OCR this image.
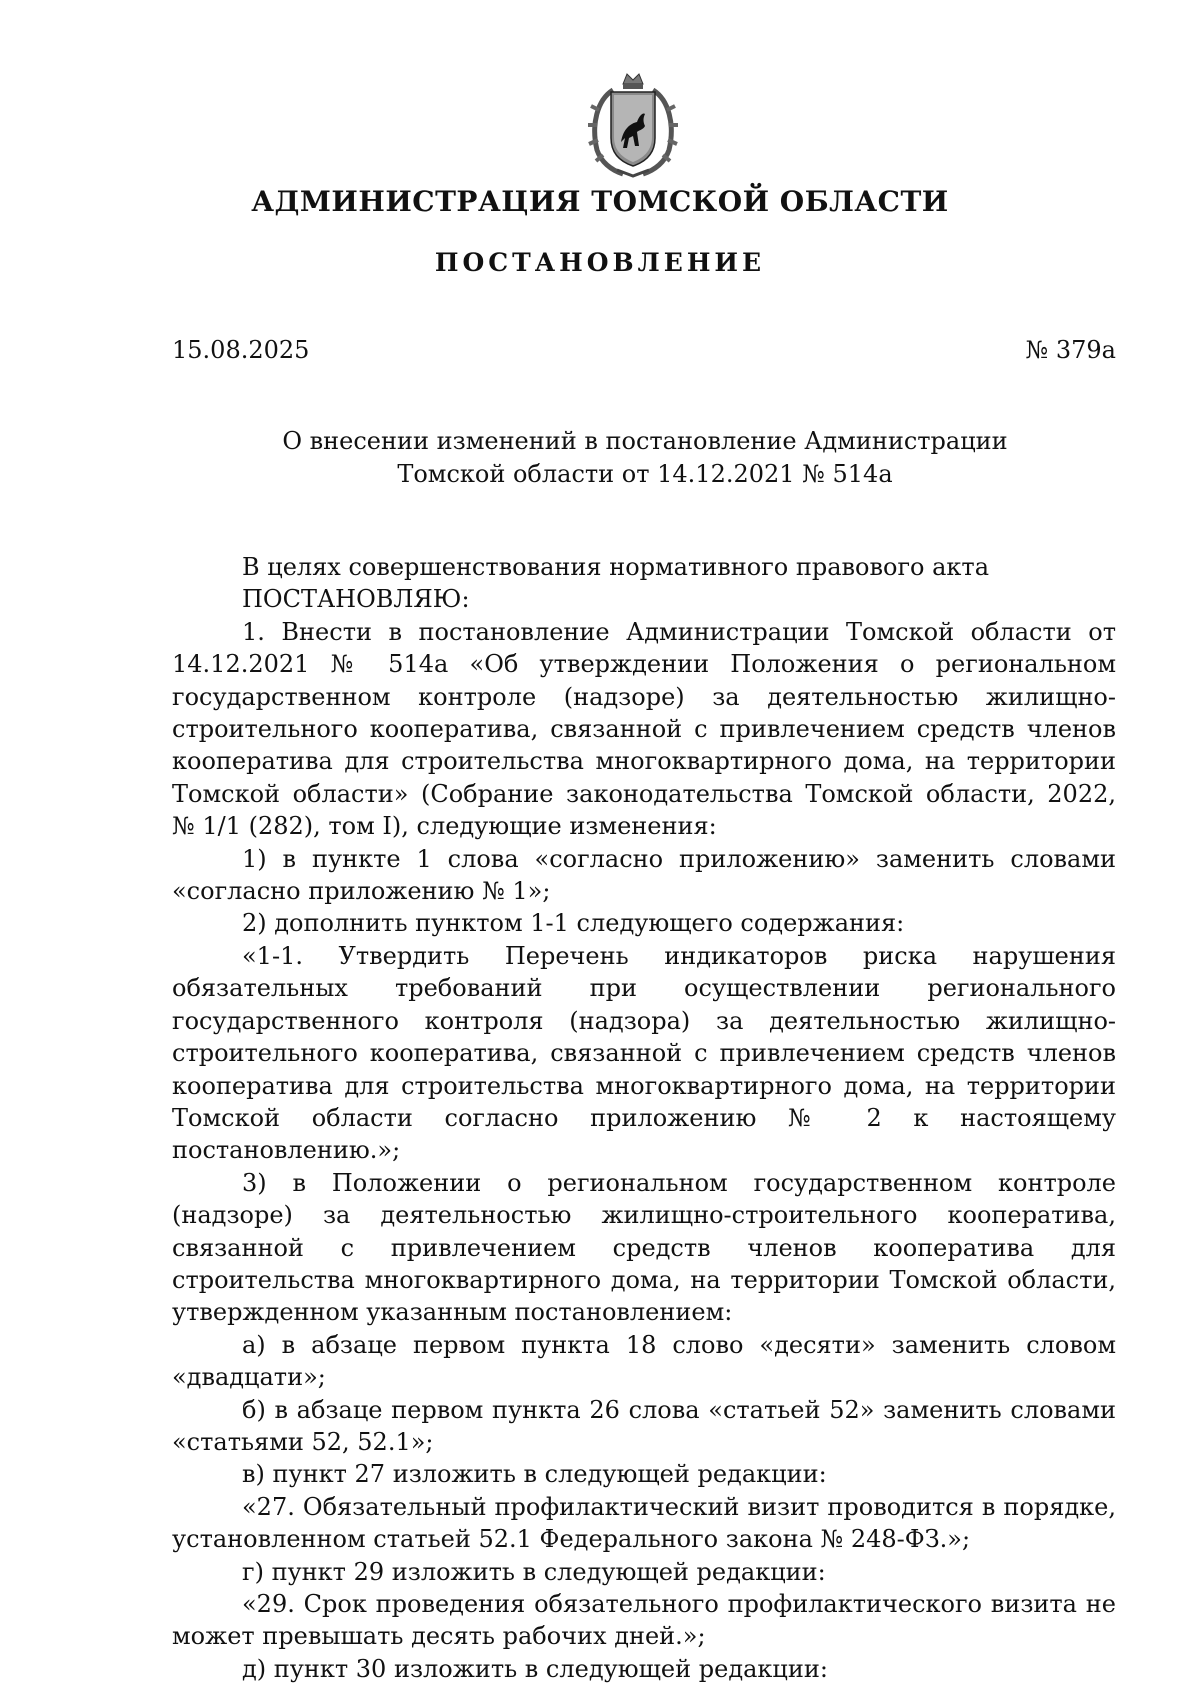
АДМИНИСТРАЦИЯ ТОМСКОЙ ОБЛАСТИ
ПОСТАНОВЛЕНИЕ
15.08.2025	№ 379а
О внесении изменений в постановление Администрации
Томской области от 14.12.2021 № 514а

В целях совершенствования нормативного правового акта

ПОСТАНОВЛЯЮ:

1. Внести в постановление Администрации Томской области от 14.12.2021 № 514а «Об утверждении Положения о региональном государственном контроле (надзоре) за деятельностью жилищно-строительного кооператива, связанной с привлечением средств членов кооператива для строительства многоквартирного дома, на территории Томской области» (Собрание законодательства Томской области, 2022, № 1/1 (282), том I), следующие изменения:

1) в пункте 1 слова «согласно приложению» заменить словами «согласно приложению № 1»;

2) дополнить пунктом 1-1 следующего содержания:

«1-1. Утвердить Перечень индикаторов риска нарушения обязательных требований при осуществлении регионального государственного контроля (надзора) за деятельностью жилищно-строительного кооператива, связанной с привлечением средств членов кооператива для строительства многоквартирного дома, на территории Томской области согласно приложению № 2 к настоящему постановлению.»;

3) в Положении о региональном государственном контроле (надзоре) за деятельностью жилищно-строительного кооператива, связанной с привлечением средств членов кооператива для строительства многоквартирного дома, на территории Томской области, утвержденном указанным постановлением:

а) в абзаце первом пункта 18 слово «десяти» заменить словом «двадцати»;

б) в абзаце первом пункта 26 слова «статьей 52» заменить словами «статьями 52, 52.1»;

в) пункт 27 изложить в следующей редакции:

«27. Обязательный профилактический визит проводится в порядке, установленном статьей 52.1 Федерального закона № 248-ФЗ.»;

г) пункт 29 изложить в следующей редакции:

«29. Срок проведения обязательного профилактического визита не может превышать десять рабочих дней.»;

д) пункт 30 изложить в следующей редакции:
